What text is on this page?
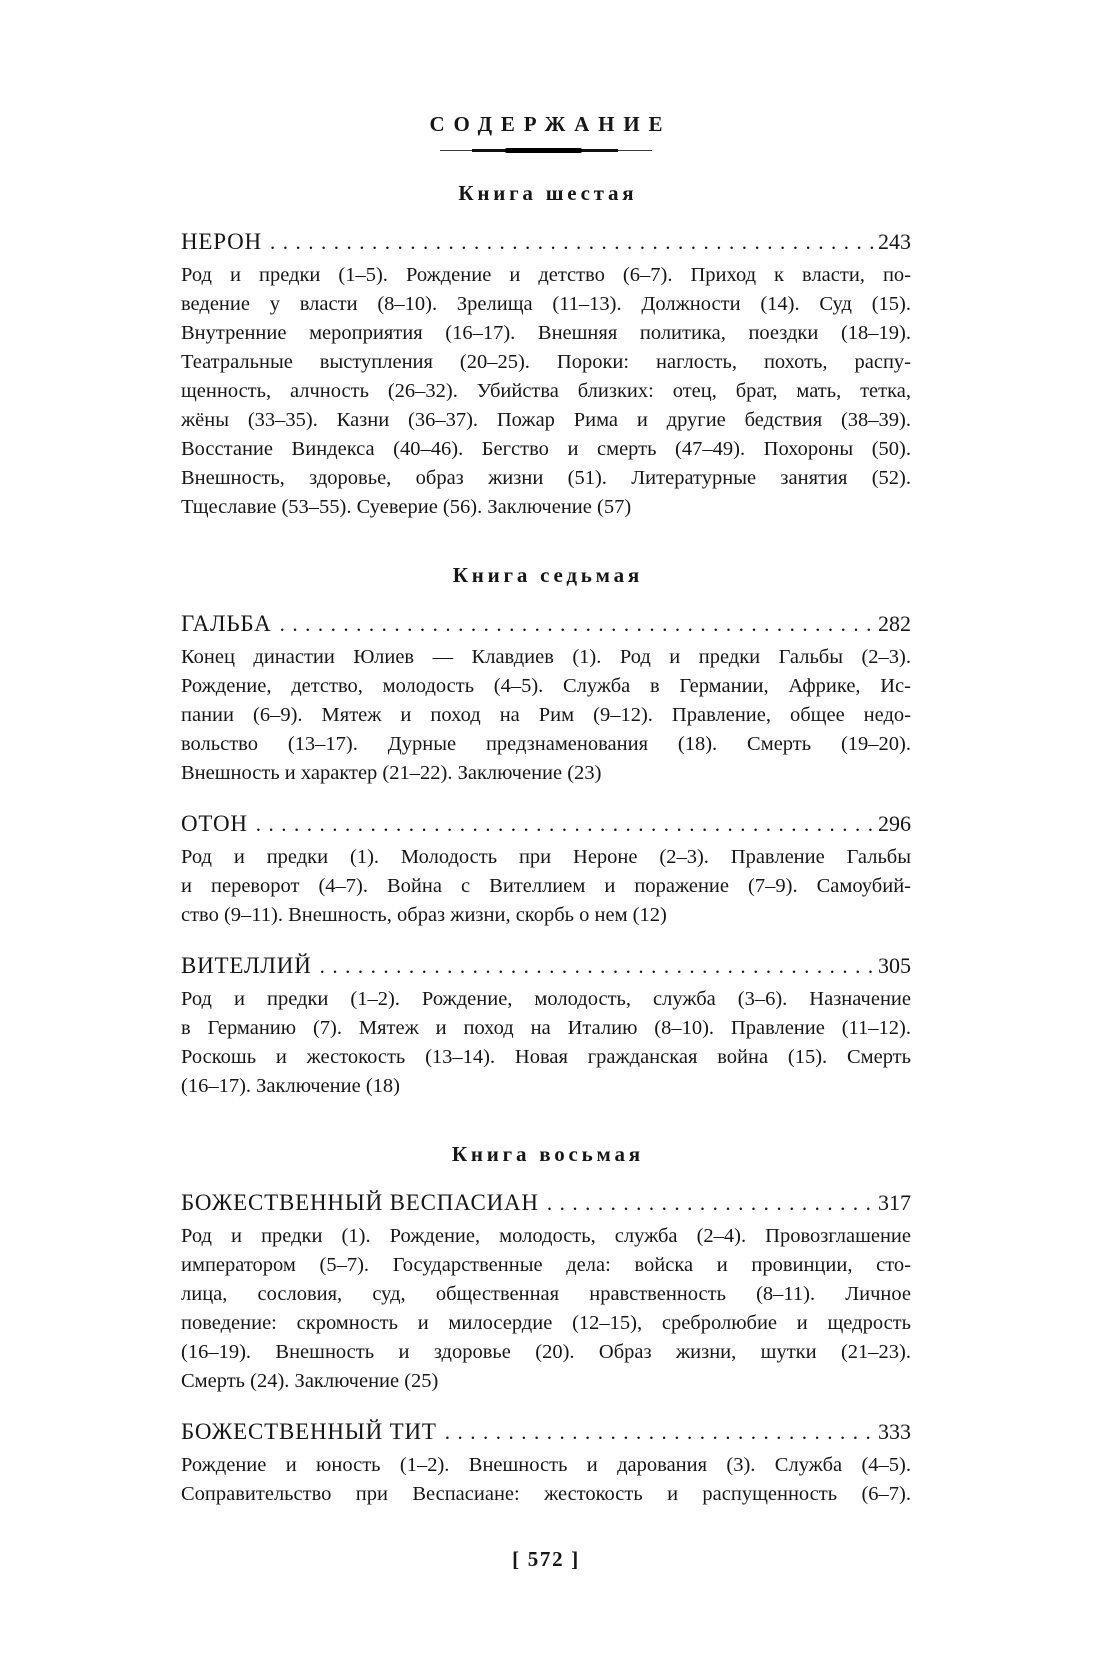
СОДЕРЖАНИЕ
Книга шестая
НЕРОН .....	243
Род и предки (1–5). Рождение и детство (6–7). Приход к власти, по-
ведение у власти (8–10). Зрелища (11–13). Должности (14). Суд (15).
Внутренние мероприятия (16–17). Внешняя политика, поездки (18–19).
Театральные выступления (20–25). Пороки: наглость, похоть, распу-
щенность, алчность (26–32). Убийства близких: отец, брат, мать, тетка,
жёны (33–35). Казни (36–37). Пожар Рима и другие бедствия (38–39).
Восстание Виндекса (40–46). Бегство и смерть (47–49). Похороны (50).
Внешность, здоровье, образ жизни (51). Литературные занятия (52).
Тщеславие (53–55). Суеверие (56). Заключение (57)
Книга седьмая
ГАЛЬБА .....	282
Конец династии Юлиев — Клавдиев (1). Род и предки Гальбы (2–3).
Рождение, детство, молодость (4–5). Служба в Германии, Африке, Ис-
пании (6–9). Мятеж и поход на Рим (9–12). Правление, общее недо-
вольство (13–17). Дурные предзнаменования (18). Смерть (19–20).
Внешность и характер (21–22). Заключение (23)
ОТОН .....	296
Род и предки (1). Молодость при Нероне (2–3). Правление Гальбы
и переворот (4–7). Война с Вителлием и поражение (7–9). Самоубий-
ство (9–11). Внешность, образ жизни, скорбь о нем (12)
ВИТЕЛЛИЙ .....	305
Род и предки (1–2). Рождение, молодость, служба (3–6). Назначение
в Германию (7). Мятеж и поход на Италию (8–10). Правление (11–12).
Роскошь и жестокость (13–14). Новая гражданская война (15). Смерть
(16–17). Заключение (18)
Книга восьмая
БОЖЕСТВЕННЫЙ ВЕСПАСИАН .....	317
Род и предки (1). Рождение, молодость, служба (2–4). Провозглашение
императором (5–7). Государственные дела: войска и провинции, сто-
лица, сословия, суд, общественная нравственность (8–11). Личное
поведение: скромность и милосердие (12–15), сребролюбие и щедрость
(16–19). Внешность и здоровье (20). Образ жизни, шутки (21–23).
Смерть (24). Заключение (25)
БОЖЕСТВЕННЫЙ ТИТ .....	333
Рождение и юность (1–2). Внешность и дарования (3). Служба (4–5).
Соправительство при Веспасиане: жестокость и распущенность (6–7).
[ 572 ]
